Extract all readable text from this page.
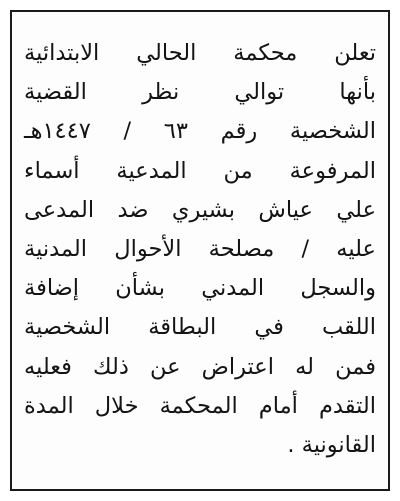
تعلن محكمة الحالي الابتدائية
بأنها توالي نظر القضية
الشخصية رقم ٦٣ / ١٤٤٧هـ
المرفوعة من المدعية أسماء
علي عياش بشيري ضد المدعى
عليه / مصلحة الأحوال المدنية
والسجل المدني بشأن إضافة
اللقب في البطاقة الشخصية
فمن له اعتراض عن ذلك فعليه
التقدم أمام المحكمة خلال المدة
القانونية .
